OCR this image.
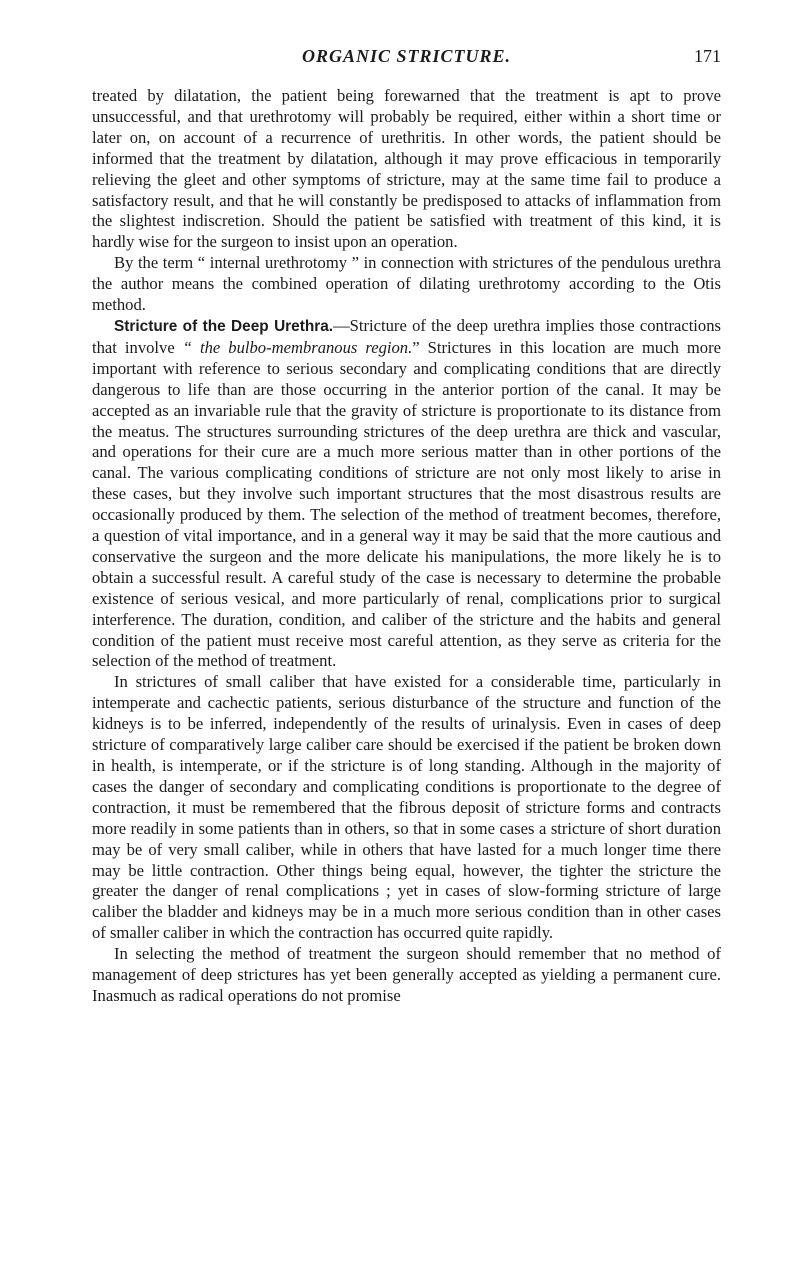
ORGANIC STRICTURE.	171

treated by dilatation, the patient being forewarned that the treatment is apt to prove unsuccessful, and that urethrotomy will probably be required, either within a short time or later on, on account of a recurrence of urethritis. In other words, the patient should be informed that the treatment by dilatation, although it may prove efficacious in temporarily relieving the gleet and other symptoms of stricture, may at the same time fail to produce a satisfactory result, and that he will constantly be predisposed to attacks of inflammation from the slightest indiscretion. Should the patient be satisfied with treatment of this kind, it is hardly wise for the surgeon to insist upon an operation.

By the term “ internal urethrotomy ” in connection with strictures of the pendulous urethra the author means the combined operation of dilating urethrotomy according to the Otis method.

Stricture of the Deep Urethra.—Stricture of the deep urethra implies those contractions that involve “ the bulbo-membranous region.” Strictures in this location are much more important with reference to serious secondary and complicating conditions that are directly dangerous to life than are those occurring in the anterior portion of the canal. It may be accepted as an invariable rule that the gravity of stricture is proportionate to its distance from the meatus. The structures surrounding strictures of the deep urethra are thick and vascular, and operations for their cure are a much more serious matter than in other portions of the canal. The various complicating conditions of stricture are not only most likely to arise in these cases, but they involve such important structures that the most disastrous results are occasionally produced by them. The selection of the method of treatment becomes, therefore, a question of vital importance, and in a general way it may be said that the more cautious and conservative the surgeon and the more delicate his manipulations, the more likely he is to obtain a successful result. A careful study of the case is necessary to determine the probable existence of serious vesical, and more particularly of renal, complications prior to surgical interference. The duration, condition, and caliber of the stricture and the habits and general condition of the patient must receive most careful attention, as they serve as criteria for the selection of the method of treatment.

In strictures of small caliber that have existed for a considerable time, particularly in intemperate and cachectic patients, serious disturbance of the structure and function of the kidneys is to be inferred, independently of the results of urinalysis. Even in cases of deep stricture of comparatively large caliber care should be exercised if the patient be broken down in health, is intemperate, or if the stricture is of long standing. Although in the majority of cases the danger of secondary and complicating conditions is proportionate to the degree of contraction, it must be remembered that the fibrous deposit of stricture forms and contracts more readily in some patients than in others, so that in some cases a stricture of short duration may be of very small caliber, while in others that have lasted for a much longer time there may be little contraction. Other things being equal, however, the tighter the stricture the greater the danger of renal complications ; yet in cases of slow-forming stricture of large caliber the bladder and kidneys may be in a much more serious condition than in other cases of smaller caliber in which the contraction has occurred quite rapidly.

In selecting the method of treatment the surgeon should remember that no method of management of deep strictures has yet been generally accepted as yielding a permanent cure. Inasmuch as radical operations do not promise
